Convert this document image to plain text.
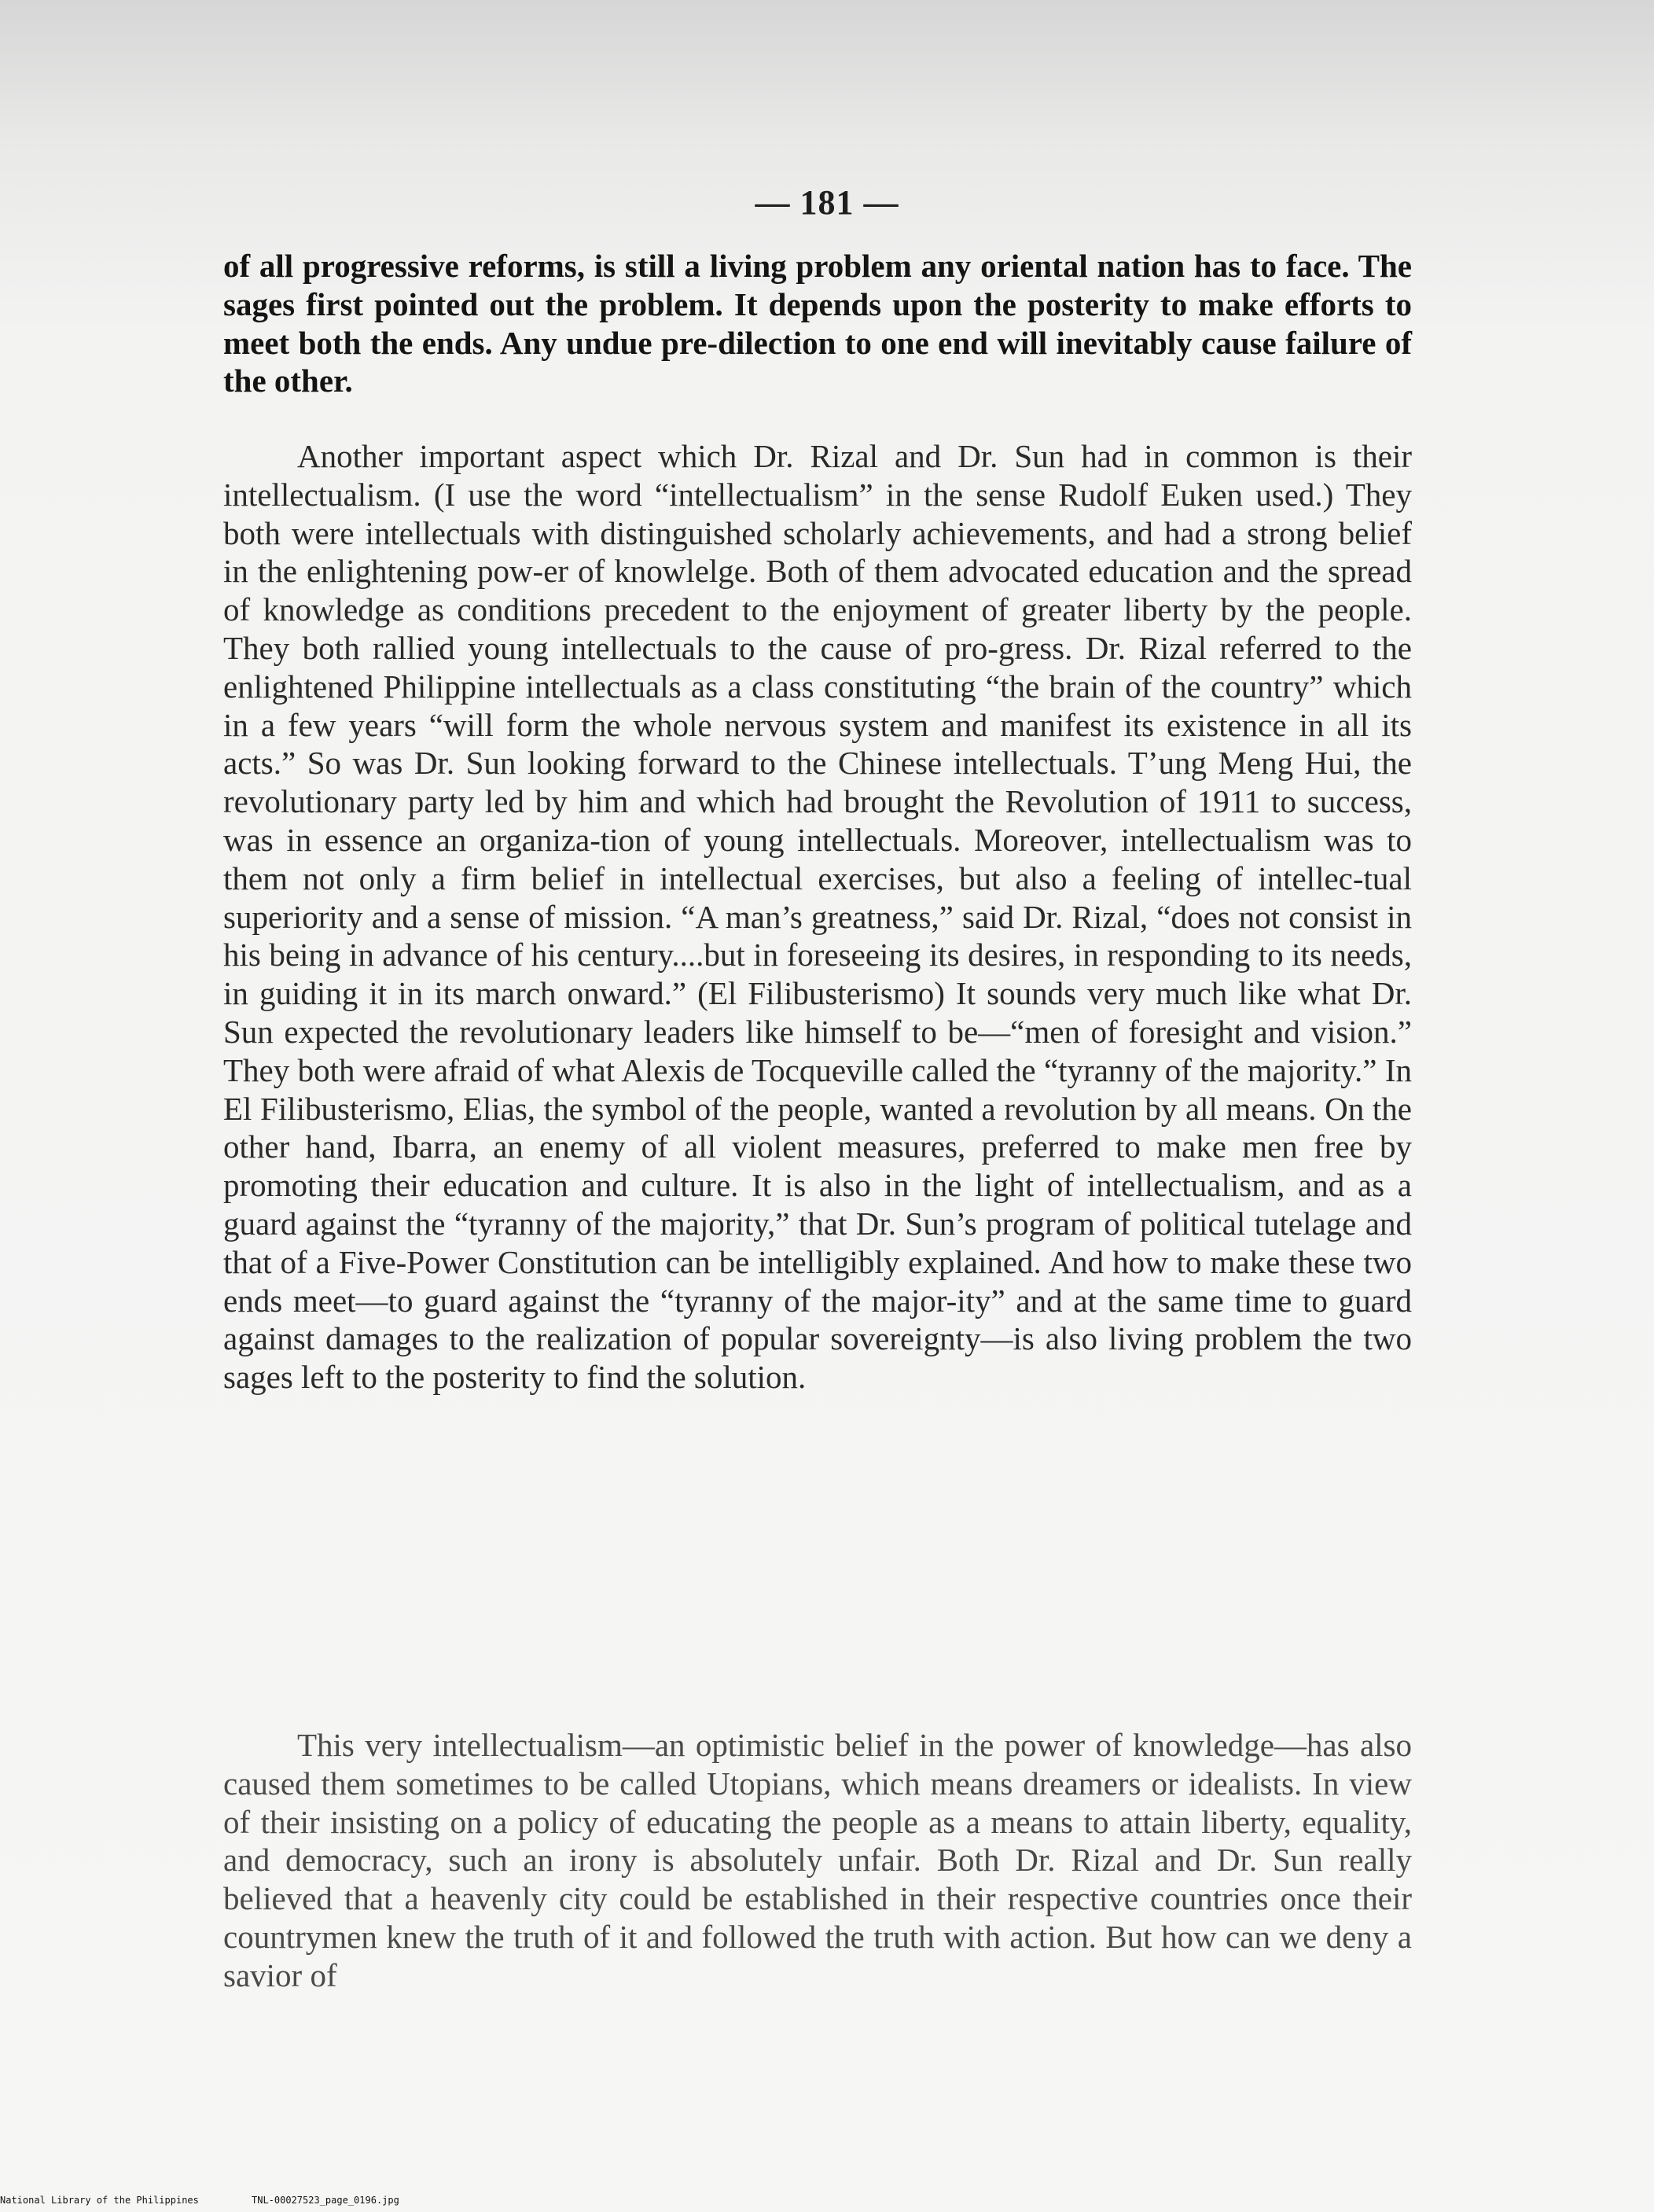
— 181 —

of all progressive reforms, is still a living problem any oriental nation has to face. The sages first pointed out the problem. It depends upon the posterity to make efforts to meet both the ends. Any undue pre-dilection to one end will inevitably cause failure of the other.

Another important aspect which Dr. Rizal and Dr. Sun had in common is their intellectualism. (I use the word “intellectualism” in the sense Rudolf Euken used.) They both were intellectuals with distinguished scholarly achievements, and had a strong belief in the enlightening pow-er of knowlelge. Both of them advocated education and the spread of knowledge as conditions precedent to the enjoyment of greater liberty by the people. They both rallied young intellectuals to the cause of pro-gress. Dr. Rizal referred to the enlightened Philippine intellectuals as a class constituting “the brain of the country” which in a few years “will form the whole nervous system and manifest its existence in all its acts.” So was Dr. Sun looking forward to the Chinese intellectuals. T’ung Meng Hui, the revolutionary party led by him and which had brought the Revolution of 1911 to success, was in essence an organiza-tion of young intellectuals. Moreover, intellectualism was to them not only a firm belief in intellectual exercises, but also a feeling of intellec-tual superiority and a sense of mission. “A man’s greatness,” said Dr. Rizal, “does not consist in his being in advance of his century....but in foreseeing its desires, in responding to its needs, in guiding it in its march onward.” (El Filibusterismo) It sounds very much like what Dr. Sun expected the revolutionary leaders like himself to be—“men of foresight and vision.” They both were afraid of what Alexis de Tocqueville called the “tyranny of the majority.” In El Filibusterismo, Elias, the symbol of the people, wanted a revolution by all means. On the other hand, Ibarra, an enemy of all violent measures, preferred to make men free by promoting their education and culture. It is also in the light of intellectualism, and as a guard against the “tyranny of the majority,” that Dr. Sun’s program of political tutelage and that of a Five-Power Constitution can be intelligibly explained. And how to make these two ends meet—to guard against the “tyranny of the major-ity” and at the same time to guard against damages to the realization of popular sovereignty—is also living problem the two sages left to the posterity to find the solution.

This very intellectualism—an optimistic belief in the power of knowledge—has also caused them sometimes to be called Utopians, which means dreamers or idealists. In view of their insisting on a policy of educating the people as a means to attain liberty, equality, and democracy, such an irony is absolutely unfair. Both Dr. Rizal and Dr. Sun really believed that a heavenly city could be established in their respective countries once their countrymen knew the truth of it and followed the truth with action. But how can we deny a savior of

National Library of the Philippines	TNL-00027523_page_0196.jpg
